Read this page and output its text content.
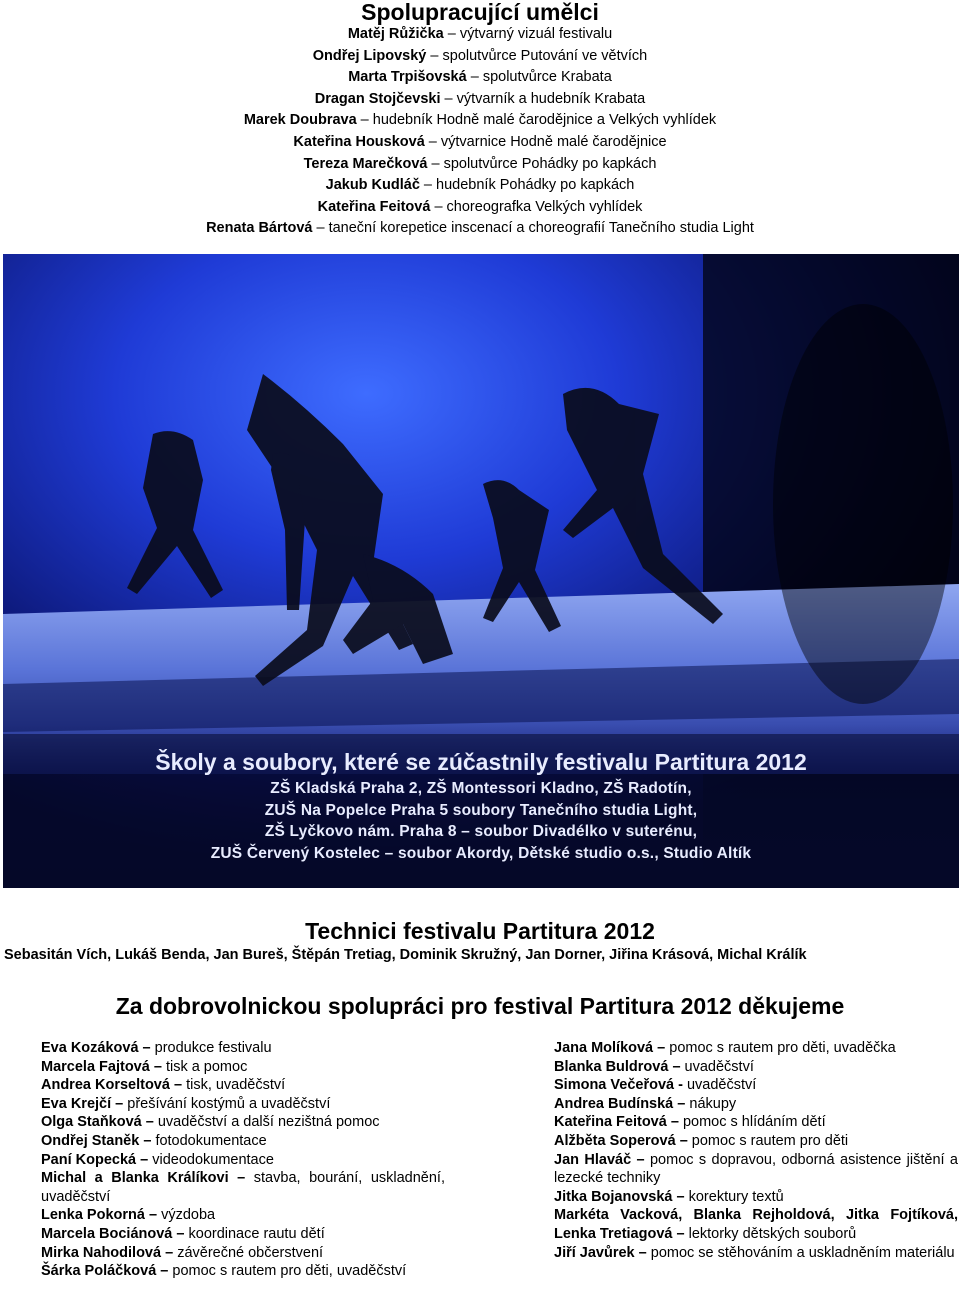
Spolupracující umělci
Matěj Růžička – výtvarný vizuál festivalu
Ondřej Lipovský – spolutvůrce Putování ve větvích
Marta Trpišovská – spolutvůrce Krabata
Dragan Stojčevski – výtvarník a hudebník Krabata
Marek Doubrava – hudebník Hodně malé čarodějnice a Velkých vyhlídek
Kateřina Housková – výtvarnice Hodně malé čarodějnice
Tereza Marečková – spolutvůrce Pohádky po kapkách
Jakub Kudláč – hudebník Pohádky po kapkách
Kateřina Feitová – choreografka Velkých vyhlídek
Renata Bártová – taneční korepetice inscenací a choreografií Tanečního studia Light
Školy a soubory, které se zúčastnily festivalu Partitura 2012
ZŠ Kladská Praha 2, ZŠ Montessori Kladno, ZŠ Radotín,
ZUŠ Na Popelce Praha 5 soubory Tanečního studia Light,
ZŠ Lyčkovo nám. Praha 8 – soubor Divadélko v suterénu,
ZUŠ Červený Kostelec – soubor Akordy, Dětské studio o.s., Studio Altík
Technici festivalu Partitura 2012
Sebasitán Vích, Lukáš Benda, Jan Bureš, Štěpán Tretiag, Dominik Skružný, Jan Dorner, Jiřina Krásová, Michal Králík
Za dobrovolnickou spolupráci pro festival Partitura 2012 děkujeme
Eva Kozáková – produkce festivalu
Marcela Fajtová – tisk a pomoc
Andrea Korseltová – tisk, uvaděčství
Eva Krejčí – přešívání kostýmů a uvaděčství
Olga Staňková – uvaděčství a další nezištná pomoc
Ondřej Staněk – fotodokumentace
Paní Kopecká – videodokumentace
Michal a Blanka Králíkovi – stavba, bourání, uskladnění, uvaděčství
Lenka Pokorná – výzdoba
Marcela Bociánová – koordinace rautu dětí
Mirka Nahodilová – závěrečné občerstvení
Šárka Poláčková – pomoc s rautem pro děti, uvaděčství
Jana Molíková – pomoc s rautem pro děti, uvaděčka
Blanka Buldrová – uvaděčství
Simona Večeřová - uvaděčství
Andrea Budínská – nákupy
Kateřina Feitová – pomoc s hlídáním dětí
Alžběta Soperová – pomoc s rautem pro děti
Jan Hlaváč – pomoc s dopravou, odborná asistence jištění a lezecké techniky
Jitka Bojanovská – korektury textů
Markéta Vacková, Blanka Rejholdová, Jitka Fojtíková, Lenka Tretiagová – lektorky dětských souborů
Jiří Javůrek – pomoc se stěhováním a uskladněním materiálu
